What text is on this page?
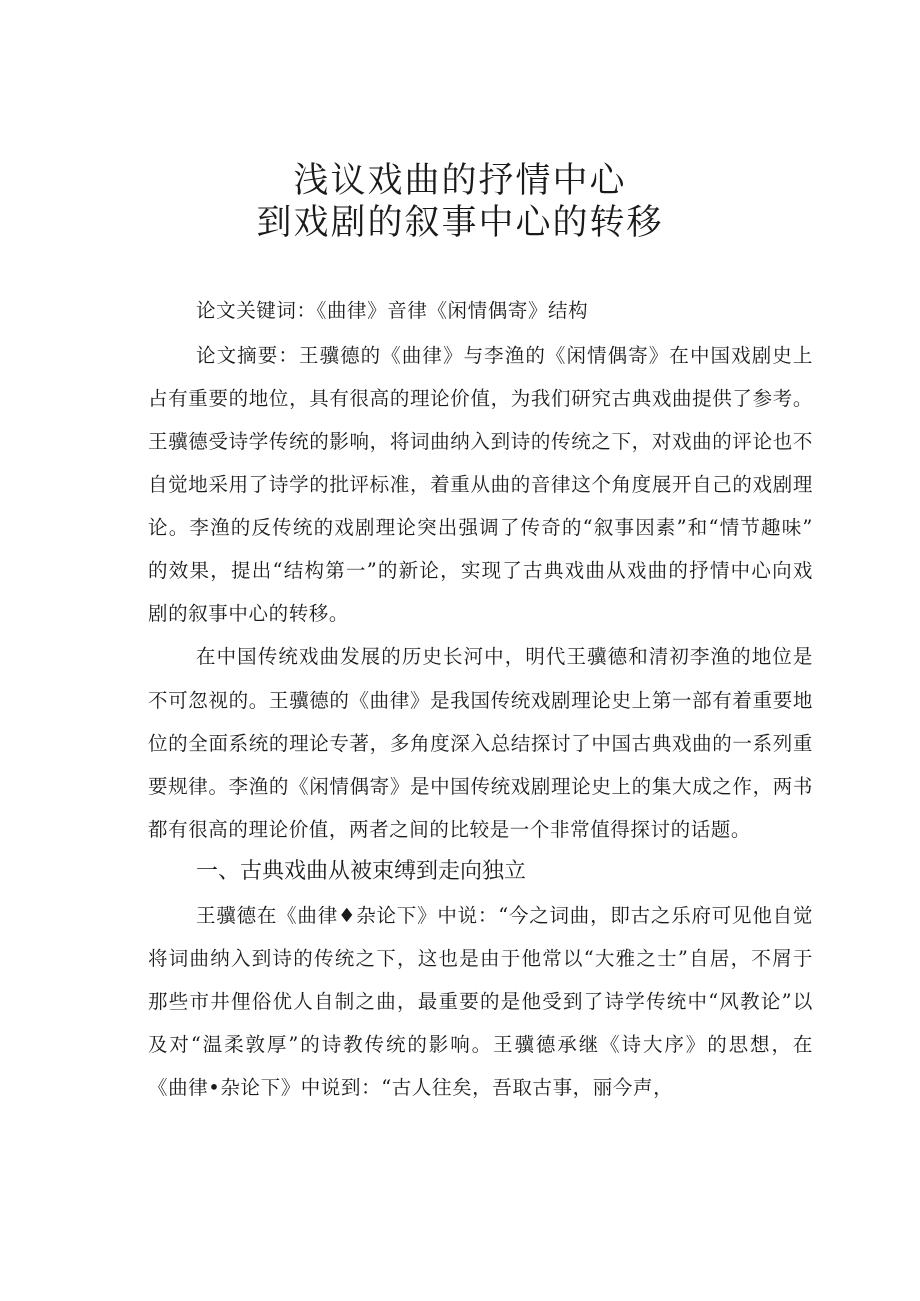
浅议戏曲的抒情中心
到戏剧的叙事中心的转移
论文关键词：《曲律》音律《闲情偶寄》结构
论文摘要：王骥德的《曲律》与李渔的《闲情偶寄》在中国戏剧史上
占有重要的地位，具有很高的理论价值，为我们研究古典戏曲提供了参考。
王骥德受诗学传统的影响，将词曲纳入到诗的传统之下，对戏曲的评论也不
自觉地采用了诗学的批评标准，着重从曲的音律这个角度展开自己的戏剧理
论。李渔的反传统的戏剧理论突出强调了传奇的“叙事因素”和“情节趣味”
的效果，提出“结构第一”的新论，实现了古典戏曲从戏曲的抒情中心向戏
剧的叙事中心的转移。
在中国传统戏曲发展的历史长河中，明代王骥德和清初李渔的地位是
不可忽视的。王骥德的《曲律》是我国传统戏剧理论史上第一部有着重要地
位的全面系统的理论专著，多角度深入总结探讨了中国古典戏曲的一系列重
要规律。李渔的《闲情偶寄》是中国传统戏剧理论史上的集大成之作，两书
都有很高的理论价值，两者之间的比较是一个非常值得探讨的话题。
一、古典戏曲从被束缚到走向独立
王骥德在《曲律♦杂论下》中说：“今之词曲，即古之乐府可见他自觉
将词曲纳入到诗的传统之下，这也是由于他常以“大雅之士”自居，不屑于
那些市井俚俗优人自制之曲，最重要的是他受到了诗学传统中“风教论”以
及对“温柔敦厚”的诗教传统的影响。王骥德承继《诗大序》的思想，在
《曲律•杂论下》中说到：“古人往矣，吾取古事，丽今声，
